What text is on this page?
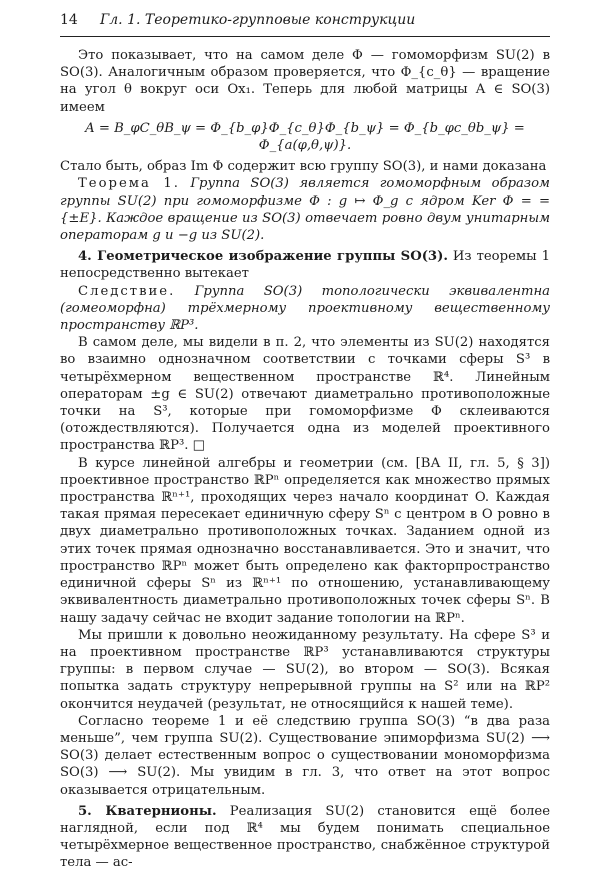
14	Гл. 1. Теоретико-групповые конструкции

Это показывает, что на самом деле Φ — гомоморфизм SU(2) в SO(3). Аналогичным образом проверяется, что Φ_{c_θ} — вращение на угол θ вокруг оси Ox₁. Теперь для любой матрицы A ∈ SO(3) имеем

A = B_φC_θB_ψ = Φ_{b_φ}Φ_{c_θ}Φ_{b_ψ} = Φ_{b_φc_θb_ψ} = Φ_{a(φ,θ,ψ)}.

Стало быть, образ Im Φ содержит всю группу SO(3), и нами доказана

Теорема 1. Группа SO(3) является гомоморфным образом группы SU(2) при гомоморфизме Φ : g ↦ Φ_g с ядром Ker Φ = = {±E}. Каждое вращение из SO(3) отвечает ровно двум унитарным операторам g и −g из SU(2).

4. Геометрическое изображение группы SO(3). Из теоремы 1 непосредственно вытекает

Следствие. Группа SO(3) топологически эквивалентна (гомеоморфна) трёхмерному проективному вещественному пространству ℝP³.

В самом деле, мы видели в п. 2, что элементы из SU(2) находятся во взаимно однозначном соответствии с точками сферы S³ в четырёхмерном вещественном пространстве ℝ⁴. Линейным операторам ±g ∈ SU(2) отвечают диаметрально противоположные точки на S³, которые при гомоморфизме Φ склеиваются (отождествляются). Получается одна из моделей проективного пространства ℝP³. □

В курсе линейной алгебры и геометрии (см. [ВА II, гл. 5, § 3]) проективное пространство ℝPⁿ определяется как множество прямых пространства ℝⁿ⁺¹, проходящих через начало координат O. Каждая такая прямая пересекает единичную сферу Sⁿ с центром в O ровно в двух диаметрально противоположных точках. Заданием одной из этих точек прямая однозначно восстанавливается. Это и значит, что пространство ℝPⁿ может быть определено как факторпространство единичной сферы Sⁿ из ℝⁿ⁺¹ по отношению, устанавливающему эквивалентность диаметрально противоположных точек сферы Sⁿ. В нашу задачу сейчас не входит задание топологии на ℝPⁿ.

Мы пришли к довольно неожиданному результату. На сфере S³ и на проективном пространстве ℝP³ устанавливаются структуры группы: в первом случае — SU(2), во втором — SO(3). Всякая попытка задать структуру непрерывной группы на S² или на ℝP² окончится неудачей (результат, не относящийся к нашей теме).

Согласно теореме 1 и её следствию группа SO(3) “в два раза меньше”, чем группа SU(2). Существование эпиморфизма SU(2) ⟶ SO(3) делает естественным вопрос о существовании мономорфизма SO(3) ⟶ SU(2). Мы увидим в гл. 3, что ответ на этот вопрос оказывается отрицательным.

5. Кватернионы. Реализация SU(2) становится ещё более наглядной, если под ℝ⁴ мы будем понимать специальное четырёхмерное вещественное пространство, снабжённое структурой тела — ас-
